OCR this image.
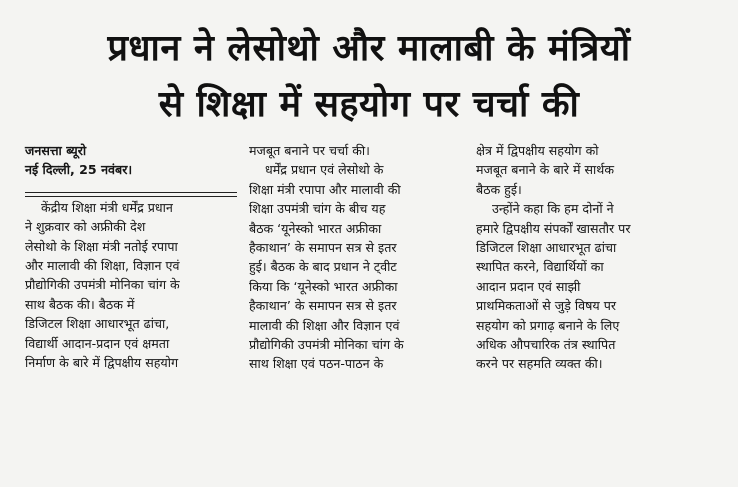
प्रधान ने लेसोथो और मालाबी के मंत्रियों
से शिक्षा में सहयोग पर चर्चा की
जनसत्ता ब्यूरो
नई दिल्ली, 25 नवंबर।

केंद्रीय शिक्षा मंत्री धर्मेंद्र प्रधान

ने शुक्रवार को अफ्रीकी देश

लेसोथो के शिक्षा मंत्री नतोई रपापा

और मालावी की शिक्षा, विज्ञान एवं

प्रौद्योगिकी उपमंत्री मोनिका चांग के

साथ बैठक की। बैठक में

डिजिटल शिक्षा आधारभूत ढांचा,

विद्यार्थी आदान-प्रदान एवं क्षमता

निर्माण के बारे में द्विपक्षीय सहयोग

मजबूत बनाने पर चर्चा की।

धर्मेंद्र प्रधान एवं लेसोथो के

शिक्षा मंत्री रपापा और मालावी की

शिक्षा उपमंत्री चांग के बीच यह

बैठक ‘यूनेस्को भारत अफ्रीका

हैकाथान’ के समापन सत्र से इतर

हुई। बैठक के बाद प्रधान ने ट्वीट

किया कि ‘यूनेस्को भारत अफ्रीका

हैकाथान’ के समापन सत्र से इतर

मालावी की शिक्षा और विज्ञान एवं

प्रौद्योगिकी उपमंत्री मोनिका चांग के

साथ शिक्षा एवं पठन-पाठन के

क्षेत्र में द्विपक्षीय सहयोग को

मजबूत बनाने के बारे में सार्थक

बैठक हुई।

उन्होंने कहा कि हम दोनों ने

हमारे द्विपक्षीय संपर्कों खासतौर पर

डिजिटल शिक्षा आधारभूत ढांचा

स्थापित करने, विद्यार्थियों का

आदान प्रदान एवं साझी

प्राथमिकताओं से जुड़े विषय पर

सहयोग को प्रगाढ़ बनाने के लिए

अधिक औपचारिक तंत्र स्थापित

करने पर सहमति व्यक्त की।
